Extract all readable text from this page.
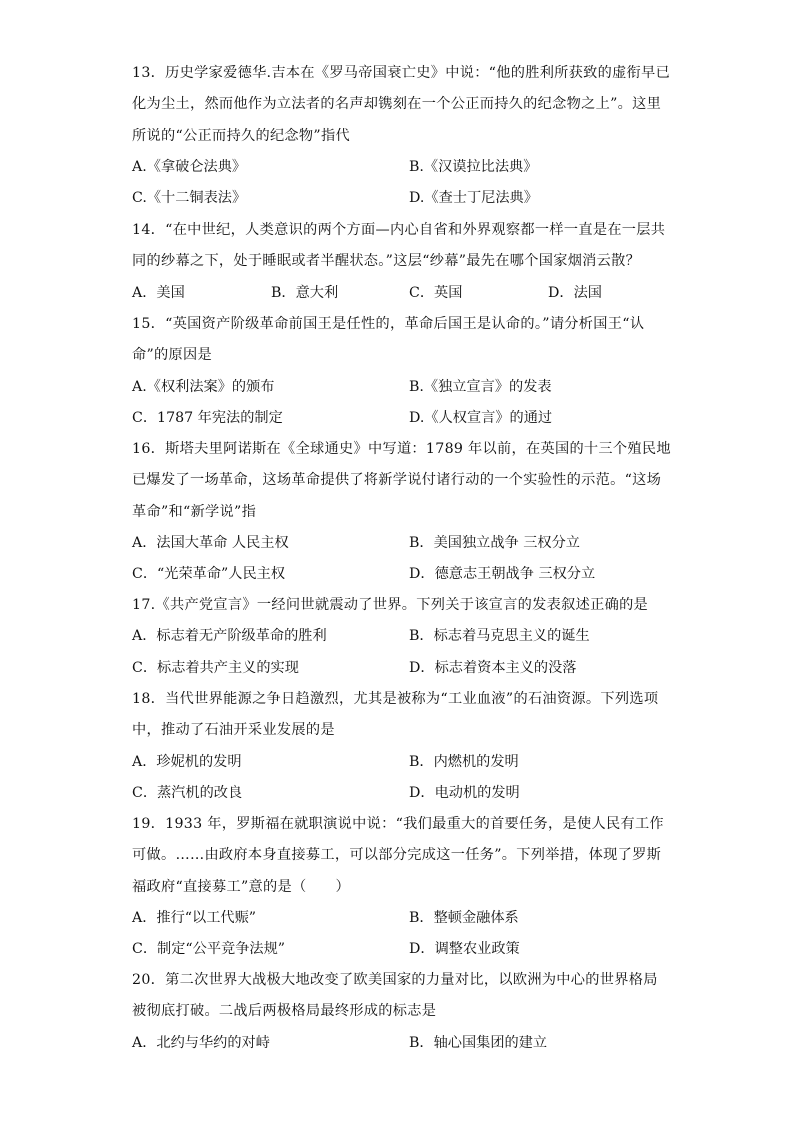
13．历史学家爱德华.吉本在《罗马帝国衰亡史》中说：“他的胜利所获致的虚衔早已化为尘土，然而他作为立法者的名声却镌刻在一个公正而持久的纪念物之上”。这里所说的“公正而持久的纪念物”指代

A.《拿破仑法典》	B.《汉谟拉比法典》
C.《十二铜表法》	D.《查士丁尼法典》

14．“在中世纪，人类意识的两个方面—内心自省和外界观察都一样一直是在一层共同的纱幕之下，处于睡眠或者半醒状态。”这层“纱幕”最先在哪个国家烟消云散？

A．美国	B．意大利	C．英国	D．法国

15．“英国资产阶级革命前国王是任性的，革命后国王是认命的。”请分析国王“认命”的原因是

A.《权利法案》的颁布	B.《独立宣言》的发表
C．1787 年宪法的制定	D.《人权宣言》的通过

16．斯塔夫里阿诺斯在《全球通史》中写道：1789 年以前，在英国的十三个殖民地已爆发了一场革命，这场革命提供了将新学说付诸行动的一个实验性的示范。“这场革命”和“新学说”指

A．法国大革命 人民主权	B．美国独立战争 三权分立
C．“光荣革命”人民主权	D．德意志王朝战争 三权分立

17.《共产党宣言》一经问世就震动了世界。下列关于该宣言的发表叙述正确的是

A．标志着无产阶级革命的胜利	B．标志着马克思主义的诞生
C．标志着共产主义的实现	D．标志着资本主义的没落

18．当代世界能源之争日趋激烈，尤其是被称为“工业血液”的石油资源。下列选项中，推动了石油开采业发展的是

A．珍妮机的发明	B．内燃机的发明
C．蒸汽机的改良	D．电动机的发明

19．1933 年，罗斯福在就职演说中说：“我们最重大的首要任务，是使人民有工作可做。……由政府本身直接募工，可以部分完成这一任务”。下列举措，体现了罗斯福政府“直接募工”意的是（　　）

A．推行“以工代赈”	B．整顿金融体系
C．制定“公平竞争法规”	D．调整农业政策

20．第二次世界大战极大地改变了欧美国家的力量对比，以欧洲为中心的世界格局被彻底打破。二战后两极格局最终形成的标志是

A．北约与华约的对峙	B．轴心国集团的建立
